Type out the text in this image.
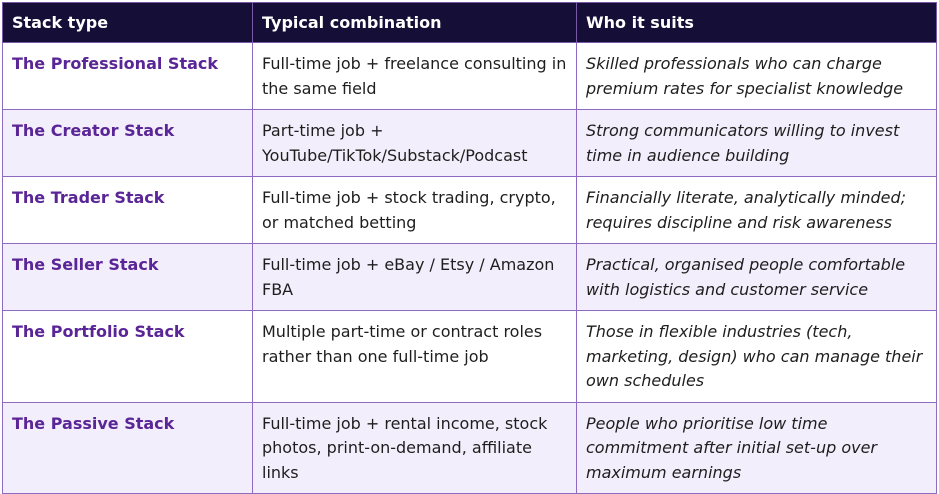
Stack type	Typical combination	Who it suits
The Professional Stack	Full-time job + freelance consulting in the same field	Skilled professionals who can charge premium rates for specialist knowledge
The Creator Stack	Part-time job + YouTube/TikTok/Substack/Podcast	Strong communicators willing to invest time in audience building
The Trader Stack	Full-time job + stock trading, crypto, or matched betting	Financially literate, analytically minded; requires discipline and risk awareness
The Seller Stack	Full-time job + eBay / Etsy / Amazon FBA	Practical, organised people comfortable with logistics and customer service
The Portfolio Stack	Multiple part-time or contract roles rather than one full-time job	Those in flexible industries (tech, marketing, design) who can manage their own schedules
The Passive Stack	Full-time job + rental income, stock photos, print-on-demand, affiliate links	People who prioritise low time commitment after initial set-up over maximum earnings
